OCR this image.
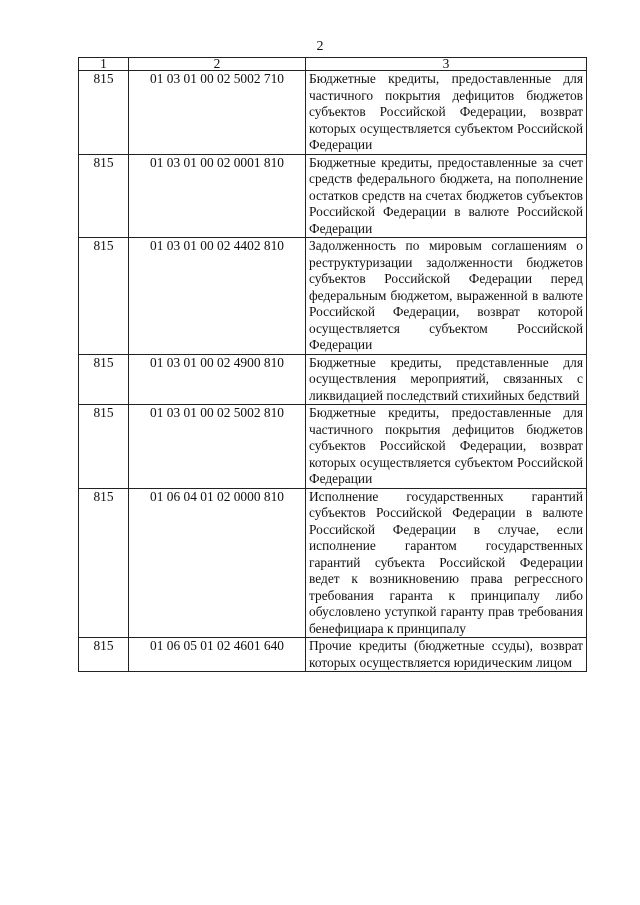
2
1	2	3
815	01 03 01 00 02 5002 710	Бюджетные кредиты, предоставленные для частичного покрытия дефицитов бюджетов субъектов Российской Федерации, возврат которых осуществляется субъектом Российской Федерации
815	01 03 01 00 02 0001 810	Бюджетные кредиты, предоставленные за счет средств федерального бюджета, на пополнение остатков средств на счетах бюджетов субъектов Российской Федерации в валюте Российской Федерации
815	01 03 01 00 02 4402 810	Задолженность по мировым соглашениям о реструктуризации задолженности бюджетов субъектов Российской Федерации перед федеральным бюджетом, выраженной в валюте Российской Федерации, возврат которой осуществляется субъектом Российской Федерации
815	01 03 01 00 02 4900 810	Бюджетные кредиты, представленные для осуществления мероприятий, связанных с ликвидацией последствий стихийных бедствий
815	01 03 01 00 02 5002 810	Бюджетные кредиты, предоставленные для частичного покрытия дефицитов бюджетов субъектов Российской Федерации, возврат которых осуществляется субъектом Российской Федерации
815	01 06 04 01 02 0000 810	Исполнение государственных гарантий субъектов Российской Федерации в валюте Российской Федерации в случае, если исполнение гарантом государственных гарантий субъекта Российской Федерации ведет к возникновению права регрессного требования гаранта к принципалу либо обусловлено уступкой гаранту прав требования бенефициара к принципалу
815	01 06 05 01 02 4601 640	Прочие кредиты (бюджетные ссуды), возврат которых осуществляется юридическим лицом
